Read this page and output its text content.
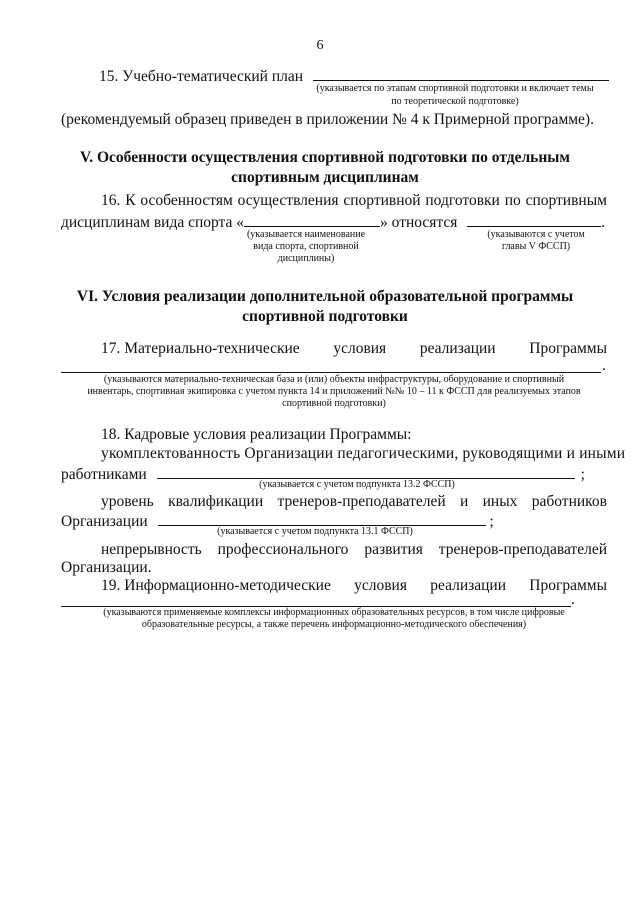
6
15. Учебно-тематический план
(указывается по этапам спортивной подготовки и включает темы
по теоретической подготовке)
(рекомендуемый образец приведен в приложении № 4 к Примерной программе).
V. Особенности осуществления спортивной подготовки по отдельным
спортивным дисциплинам
16. К особенностям осуществления спортивной подготовки по спортивным
дисциплинам вида спорта «	» относятся	.
(указывается наименование
вида спорта, спортивной
дисциплины)
(указываются с учетом
главы V ФССП)
VI. Условия реализации дополнительной образовательной программы
спортивной подготовки
17. Материально-технические условия реализации Программы
.
(указываются материально-техническая база и (или) объекты инфраструктуры, оборудование и спортивный
инвентарь, спортивная экипировка с учетом пункта 14 и приложений №№ 10 – 11 к ФССП для реализуемых этапов
спортивной подготовки)
18. Кадровые условия реализации Программы:
укомплектованность Организации педагогическими, руководящими и иными
работниками	;
(указывается с учетом подпункта 13.2 ФССП)
уровень квалификации тренеров-преподавателей и иных работников
Организации	;
(указывается с учетом подпункта 13.1 ФССП)
непрерывность профессионального развития тренеров-преподавателей
Организации.
19. Информационно-методические условия реализации Программы
.
(указываются применяемые комплексы информационных образовательных ресурсов, в том числе цифровые
образовательные ресурсы, а также перечень информационно-методического обеспечения)
